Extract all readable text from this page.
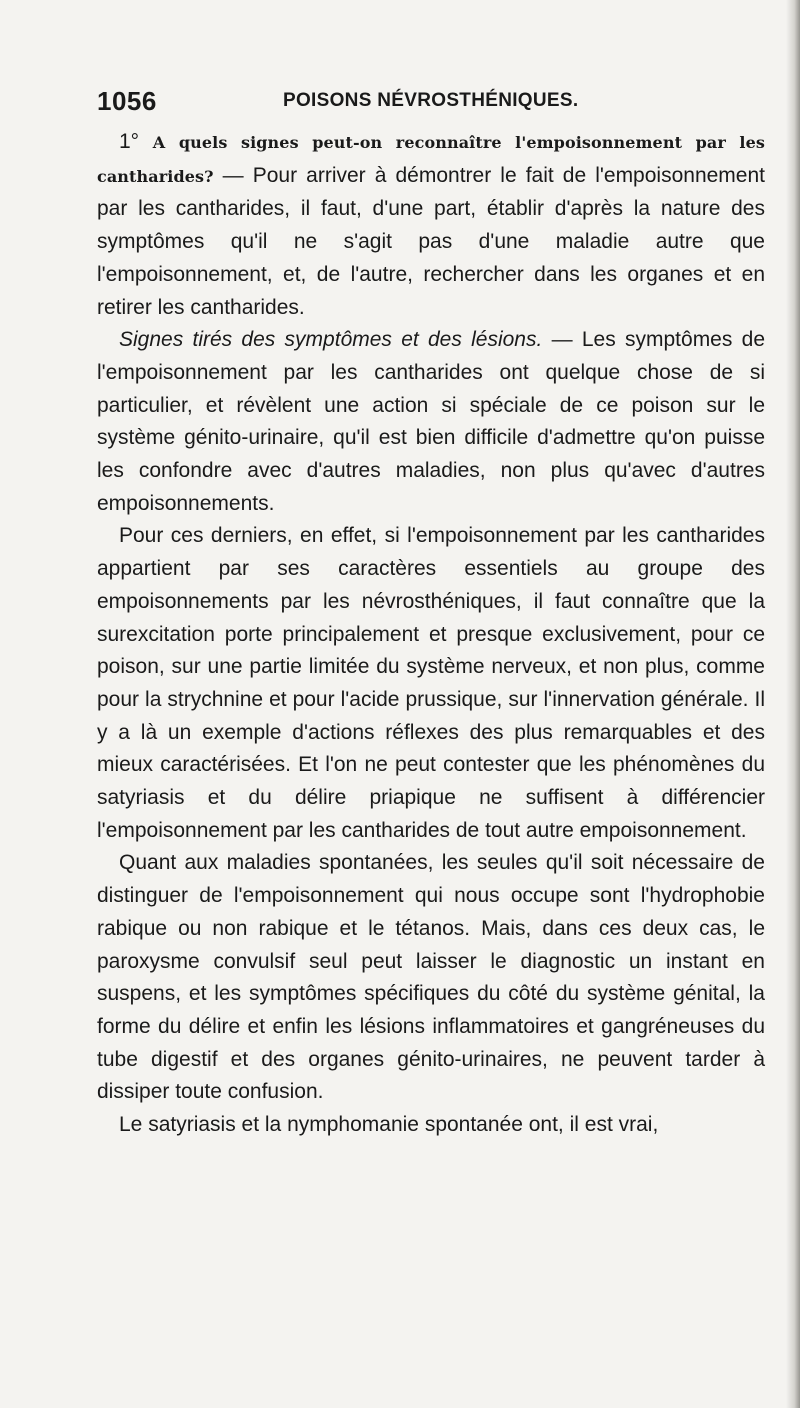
1056	POISONS NÉVROSTHÉNIQUES.

1° A quels signes peut-on reconnaître l'empoisonnement par les cantharides? — Pour arriver à démontrer le fait de l'empoisonnement par les cantharides, il faut, d'une part, établir d'après la nature des symptômes qu'il ne s'agit pas d'une maladie autre que l'empoisonnement, et, de l'autre, rechercher dans les organes et en retirer les cantharides.

Signes tirés des symptômes et des lésions. — Les symptômes de l'empoisonnement par les cantharides ont quelque chose de si particulier, et révèlent une action si spéciale de ce poison sur le système génito-urinaire, qu'il est bien difficile d'admettre qu'on puisse les confondre avec d'autres maladies, non plus qu'avec d'autres empoisonnements.

Pour ces derniers, en effet, si l'empoisonnement par les cantharides appartient par ses caractères essentiels au groupe des empoisonnements par les névrosthéniques, il faut connaître que la surexcitation porte principalement et presque exclusivement, pour ce poison, sur une partie limitée du système nerveux, et non plus, comme pour la strychnine et pour l'acide prussique, sur l'innervation générale. Il y a là un exemple d'actions réflexes des plus remarquables et des mieux caractérisées. Et l'on ne peut contester que les phénomènes du satyriasis et du délire priapique ne suffisent à différencier l'empoisonnement par les cantharides de tout autre empoisonnement.

Quant aux maladies spontanées, les seules qu'il soit nécessaire de distinguer de l'empoisonnement qui nous occupe sont l'hydrophobie rabique ou non rabique et le tétanos. Mais, dans ces deux cas, le paroxysme convulsif seul peut laisser le diagnostic un instant en suspens, et les symptômes spécifiques du côté du système génital, la forme du délire et enfin les lésions inflammatoires et gangréneuses du tube digestif et des organes génito-urinaires, ne peuvent tarder à dissiper toute confusion.

Le satyriasis et la nymphomanie spontanée ont, il est vrai,
